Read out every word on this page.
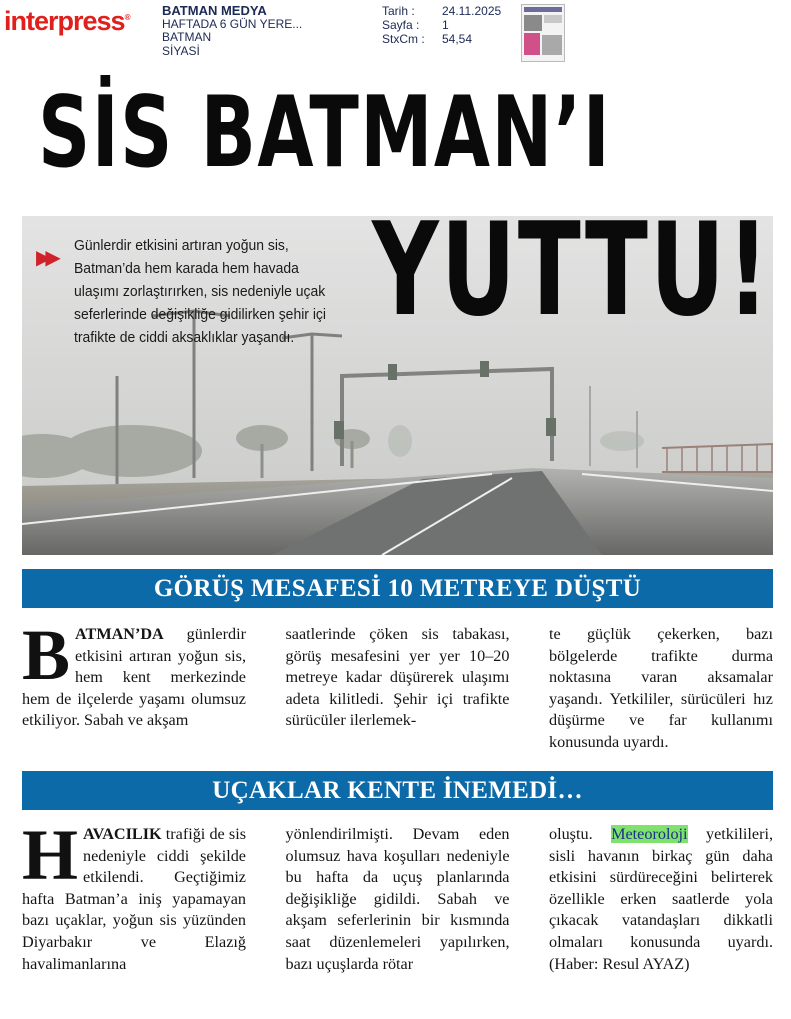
interpress®	BATMAN MEDYA
HAFTADA 6 GÜN YERE...
BATMAN
SİYASİ
Tarih :	24.11.2025
Sayfa :	1
StxCm :	54,54
SİS BATMAN’I
YUTTU!
▶▶ Günlerdir etkisini artıran yoğun sis, Batman’da hem karada hem havada ulaşımı zorlaştırırken, sis nedeniyle uçak seferlerinde değişikliğe gidilirken şehir içi trafikte de ciddi aksaklıklar yaşandı.
GÖRÜŞ MESAFESİ 10 METREYE DÜŞTÜ
BATMAN’DA günlerdir etkisini artıran yoğun sis, hem kent merkezinde hem de ilçelerde yaşamı olumsuz etkiliyor. Sabah ve akşam
saatlerinde çöken sis tabakası, görüş mesafesini yer yer 10–20 metreye kadar düşürerek ulaşımı adeta kilitledi. Şehir içi trafikte sürücüler ilerlemek-
te güçlük çekerken, bazı bölgelerde trafikte durma noktasına varan aksamalar yaşandı. Yetkililer, sürücüleri hız düşürme ve far kullanımı konusunda uyardı.
UÇAKLAR KENTE İNEMEDİ…
HAVACILIK trafiği de sis nedeniyle ciddi şekilde etkilendi. Geçtiğimiz hafta Batman’a iniş yapamayan bazı uçaklar, yoğun sis yüzünden Diyarbakır ve Elazığ havalimanlarına
yönlendirilmişti. Devam eden olumsuz hava koşulları nedeniyle bu hafta da uçuş planlarında değişikliğe gidildi. Sabah ve akşam seferlerinin bir kısmında saat düzenlemeleri yapılırken, bazı uçuşlarda rötar
oluştu. Meteoroloji yetkilileri, sisli havanın birkaç gün daha etkisini sürdüreceğini belirterek özellikle erken saatlerde yola çıkacak vatandaşları dikkatli olmaları konusunda uyardı. (Haber: Resul AYAZ)
